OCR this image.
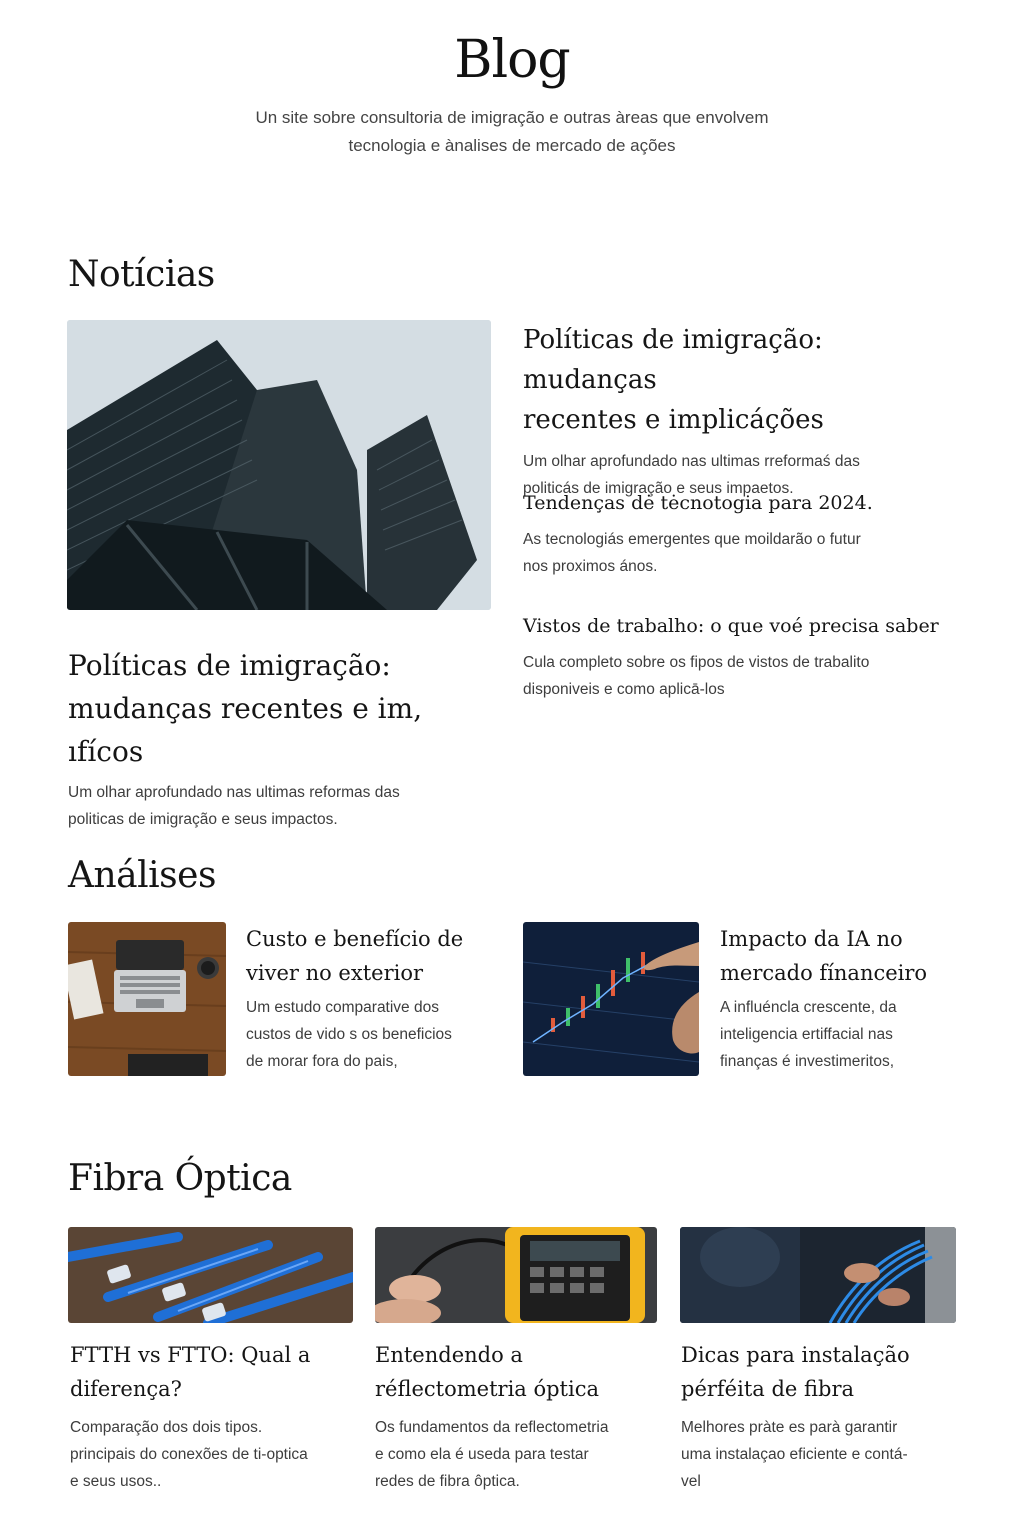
Blog
Un site sobre consultoria de imigração e outras àreas que envolvem
tecnologia e ànalises de mercado de ações
Notícias
Políticas de imigração:
mudanças recentes e im, ıfícos
Um olhar aprofundado nas ultimas reformas das
politicas de imigração e seus impactos.
Políticas de imigração: mudanças
recentes e implicáções
Um olhar aprofundado nas ultimas rreformaś das
politicás de imigração e seus impaetos.
Tendenças dė tėcnotogia para 2024.
As tecnologiás emergentes que moildarão o futur
nos proximos ános.
Vistos de trabalho: o que voé precisa saber
Cula completo sobre os fipos de vistos de trabalito
disponiveis e como aplicā-los
Análises
Custo e benefício de
viver no exterior
Um estudo comparative dos
custos de vido s os beneficios
de morar fora do pais,
Impacto da IA no
mercado fínanceiro
A influéncla crescente, da
inteligencia ertiffacial nas
finanças é investimeritos,
Fibra Óptica
FTTH vs FTTO: Qual a
diferença?
Comparação dos dois tipos.
principais do conexões de ti-optica
e seus usos..
Entendendo a
réflectometria óptica
Os fundamentos da reflectometria
e como ela é useda para testar
redes de fibra ôptica.
Dicas para instalação
pérféita de fibra
Melhores pràte es parà garantir
uma instalaçao eficiente e contá-
vel
